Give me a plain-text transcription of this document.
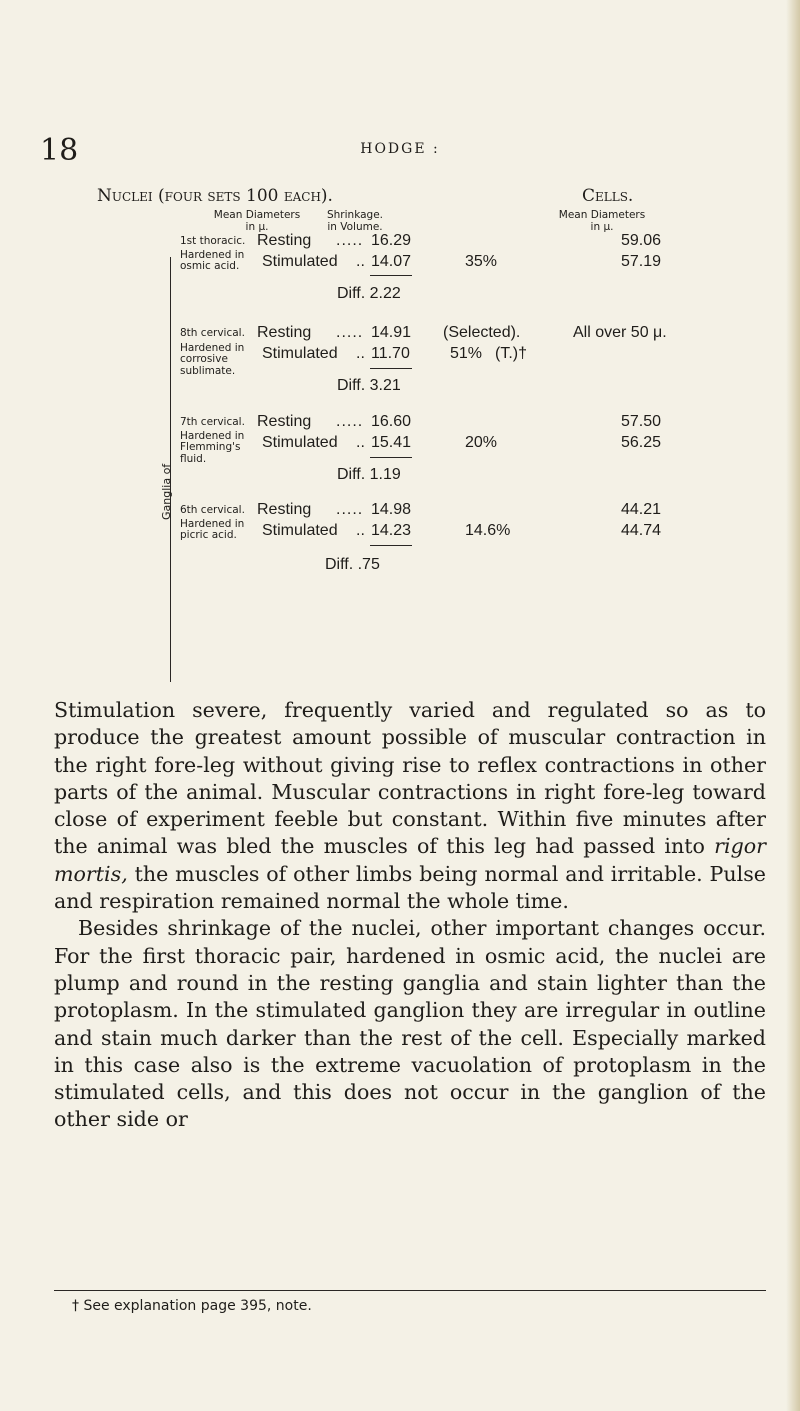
18	HODGE :
Nuclei (four sets 100 each).	Cells.
Mean Diameters
in μ.
Shrinkage.
in Volume.
Mean Diameters
in μ.
Ganglia of
1st thoracic.
Hardened in
osmic acid.
Resting ..... 16.29
Stimulated .. 14.07
Diff. 2.22
35%
59.06
57.19
8th cervical.
Hardened in
corrosive
sublimate.
Resting ..... 14.91
Stimulated .. 11.70
Diff. 3.21
(Selected).
51% (T.)†
All over 50 μ.
7th cervical.
Hardened in
Flemming's
fluid.
Resting ..... 16.60
Stimulated .. 15.41
Diff. 1.19
20%
57.50
56.25
6th cervical.
Hardened in
picric acid.
Resting ..... 14.98
Stimulated .. 14.23
Diff. .75
14.6%
44.21
44.74

Stimulation severe, frequently varied and regulated so as to produce the greatest amount possible of muscular contraction in the right fore-leg without giving rise to reflex contractions in other parts of the animal. Muscular contractions in right fore-leg toward close of experiment feeble but constant. Within five minutes after the animal was bled the muscles of this leg had passed into rigor mortis, the muscles of other limbs being normal and irritable. Pulse and respiration remained normal the whole time.

Besides shrinkage of the nuclei, other important changes occur. For the first thoracic pair, hardened in osmic acid, the nuclei are plump and round in the resting ganglia and stain lighter than the protoplasm. In the stimulated ganglion they are irregular in outline and stain much darker than the rest of the cell. Especially marked in this case also is the extreme vacuolation of protoplasm in the stimulated cells, and this does not occur in the ganglion of the other side or

† See explanation page 395, note.
